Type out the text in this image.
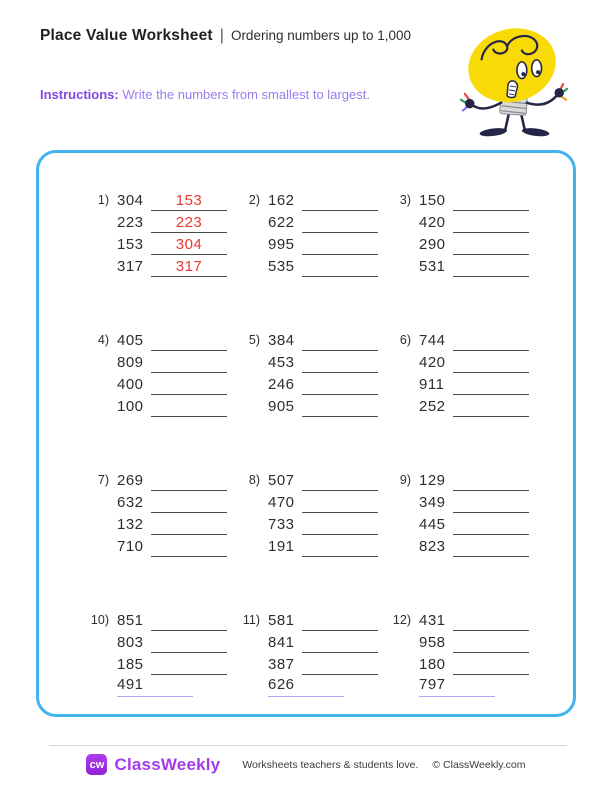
Place Value Worksheet | Ordering numbers up to 1,000
Instructions: Write the numbers from smallest to largest.
1) 304	153
223	223
153	304
317	317
2) 162
622
995
535
3) 150
420
290
531
4) 405
809
400
100
5) 384
453
246
905
6) 744
420
911
252
7) 269
632
132
710
8) 507
470
733
191
9) 129
349
445
823
10) 851
803
185
491
11) 581
841
387
626
12) 431
958
180
797
cw ClassWeekly Worksheets teachers & students love. © ClassWeekly.com
